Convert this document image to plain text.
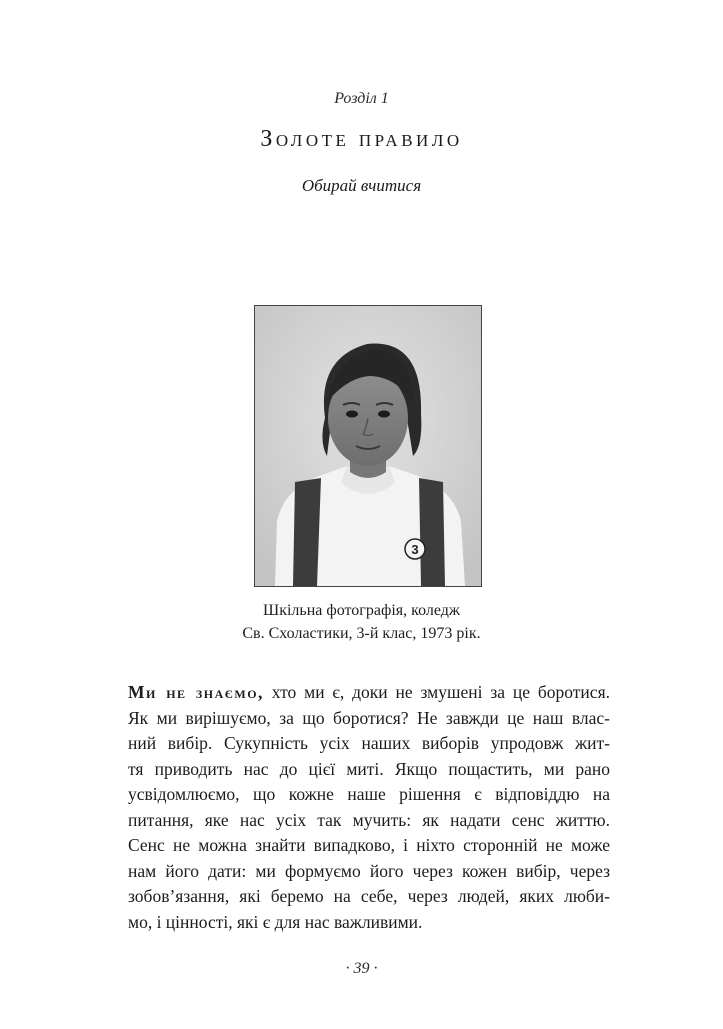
Розділ 1
Золоте правило
Обирай вчитися
3
Шкільна фотографія, коледж
Св. Схоластики, 3-й клас, 1973 рік.
Ми не знаємо, хто ми є, доки не змушені за це боротися.
Як ми вирішуємо, за що боротися? Не завжди це наш влас-
ний вибір. Сукупність усіх наших виборів упродовж жит-
тя приводить нас до цієї миті. Якщо пощастить, ми рано
усвідомлюємо, що кожне наше рішення є відповіддю на
питання, яке нас усіх так мучить: як надати сенс життю.
Сенс не можна знайти випадково, і ніхто сторонній не може
нам його дати: ми формуємо його через кожен вибір, через
зобов’язання, які беремо на себе, через людей, яких люби-
мо, і цінності, які є для нас важливими.
· 39 ·
